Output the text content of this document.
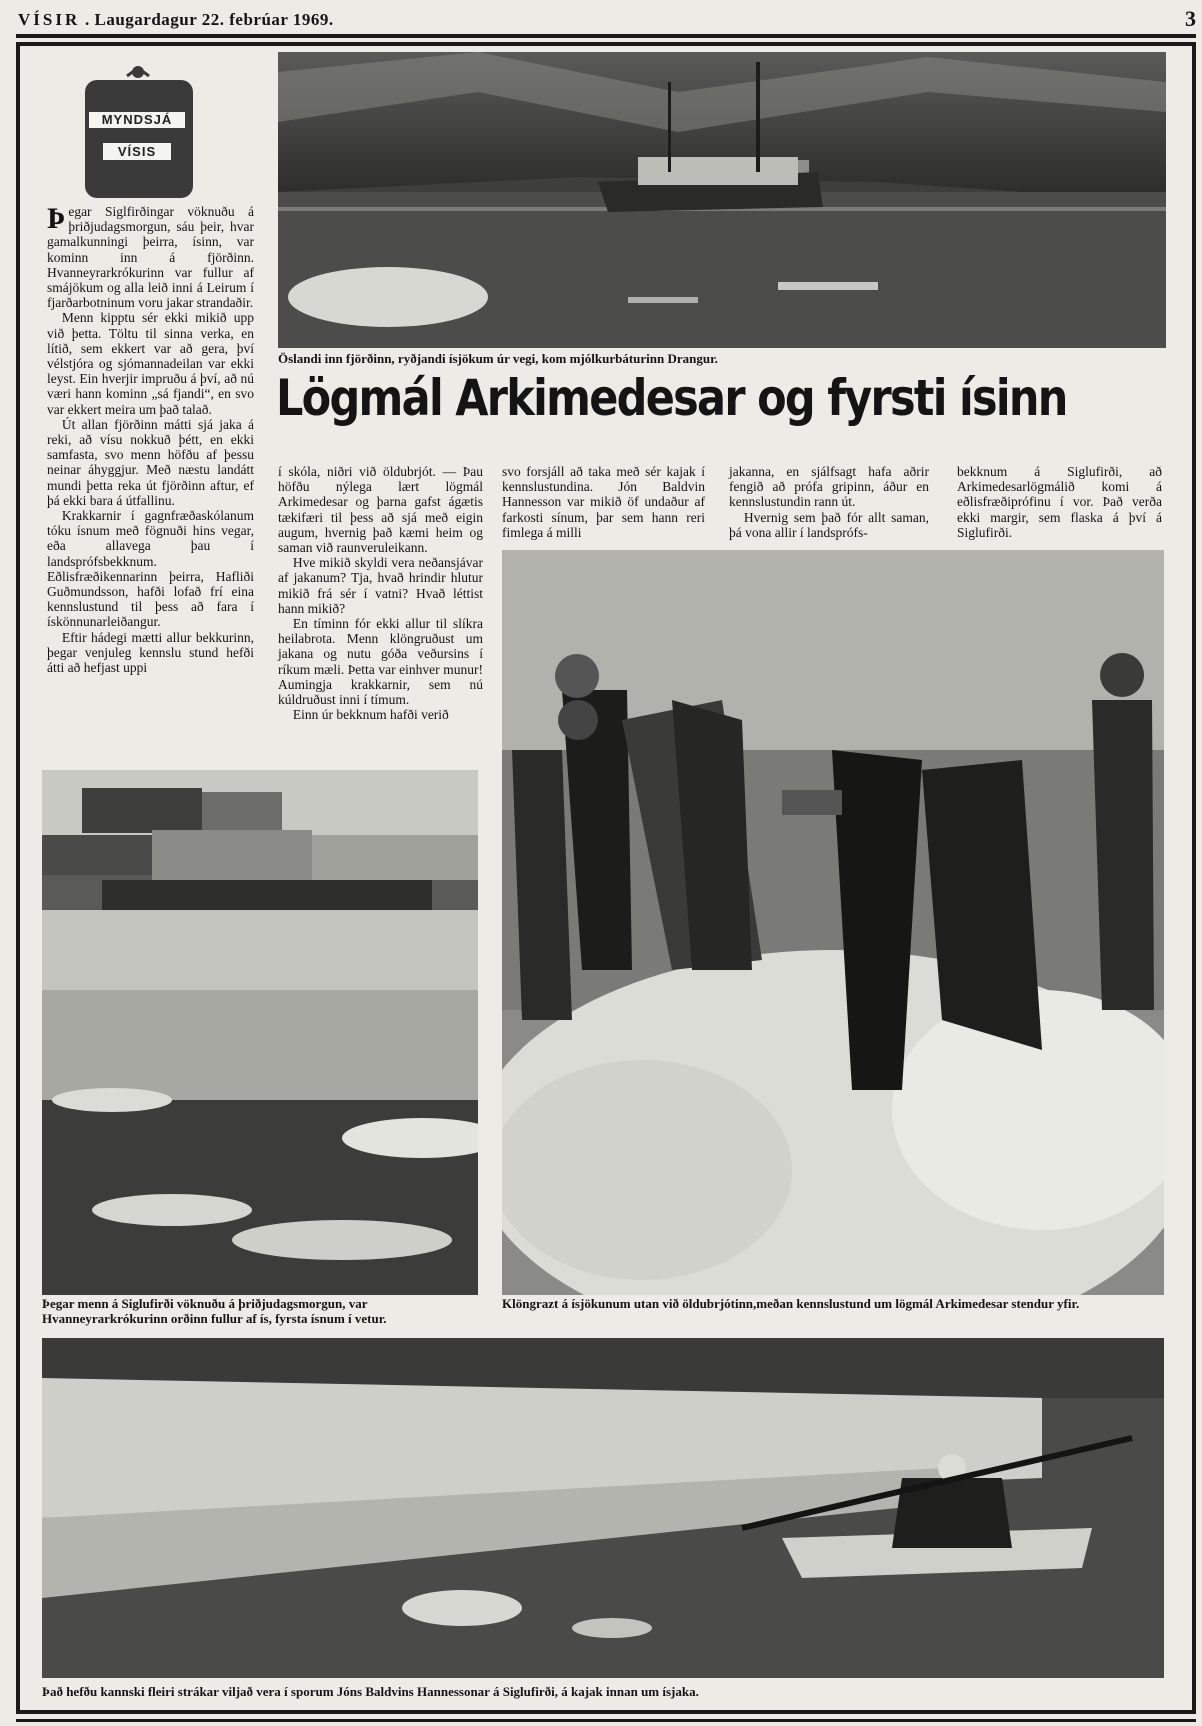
VÍSIR . Laugardagur 22. febrúar 1969.	3
MYNDSJÁ
VÍSIS

Þegar Siglfirðingar vöknuðu á þriðjudagsmorgun, sáu þeir, hvar gamalkunningi þeirra, ísinn, var kominn inn á fjörðinn. Hvanneyrarkrókurinn var fullur af smájökum og alla leið inni á Leirum í fjarðarbotninum voru jakar strandaðir.

Menn kipptu sér ekki mikið upp við þetta. Töltu til sinna verka, en lítið, sem ekkert var að gera, því vélstjóra og sjómannadeilan var ekki leyst. Ein hverjir impruðu á því, að nú væri hann kominn „sá fjandi“, en svo var ekkert meira um það talað.

Út allan fjörðinn mátti sjá jaka á reki, að vísu nokkuð þétt, en ekki samfasta, svo menn höfðu af þessu neinar áhyggjur. Með næstu landátt mundi þetta reka út fjörðinn aftur, ef þá ekki bara á útfallinu.

Krakkarnir í gagnfræðaskólanum tóku ísnum með fögnuði hins vegar, eða allavega þau í landsprófsbekknum. Eðlisfræðikennarinn þeirra, Hafliði Guðmundsson, hafði lofað frí eina kennslustund til þess að fara í ískönnunarleiðangur.

Eftir hádegi mætti allur bekkurinn, þegar venjuleg kennslu stund hefði átti að hefjast uppi

Öslandi inn fjörðinn, ryðjandi ísjökum úr vegi, kom mjólkurbáturinn Drangur.
Lögmál Arkimedesar og fyrsti ísinn

í skóla, niðri við öldubrjót. — Þau höfðu nýlega lært lögmál Arkimedesar og þarna gafst ágætis tækifæri til þess að sjá með eigin augum, hvernig það kæmi heim og saman við raunveruleikann.

Hve mikið skyldi vera neðansjávar af jakanum? Tja, hvað hrindir hlutur mikið frá sér í vatni? Hvað léttist hann mikið?

En tíminn fór ekki allur til slíkra heilabrota. Menn klöngruðust um jakana og nutu góða veðursins í ríkum mæli. Þetta var einhver munur! Aumingja krakkarnir, sem nú kúldruðust inni í tímum.

Einn úr bekknum hafði verið

svo forsjáll að taka með sér kajak í kennslustundina. Jón Baldvin Hannesson var mikið öf undaður af farkosti sínum, þar sem hann reri fimlega á milli

jakanna, en sjálfsagt hafa aðrir fengið að prófa gripinn, áður en kennslustundin rann út.

Hvernig sem það fór allt saman, þá vona allir í landsprófs-

bekknum á Siglufirði, að Arkimedesarlögmálið komi á eðlisfræðiprófinu í vor. Það verða ekki margir, sem flaska á því á Siglufirði.

Þegar menn á Siglufirði vöknuðu á þriðjudagsmorgun, var Hvanneyrarkrókurinn orðinn fullur af ís, fyrsta ísnum í vetur.
Klöngrazt á ísjökunum utan við öldubrjótinn,meðan kennslustund um lögmál Arkimedesar stendur yfir.
Það hefðu kannski fleiri strákar viljað vera í sporum Jóns Baldvins Hannessonar á Siglufirði, á kajak innan um ísjaka.
